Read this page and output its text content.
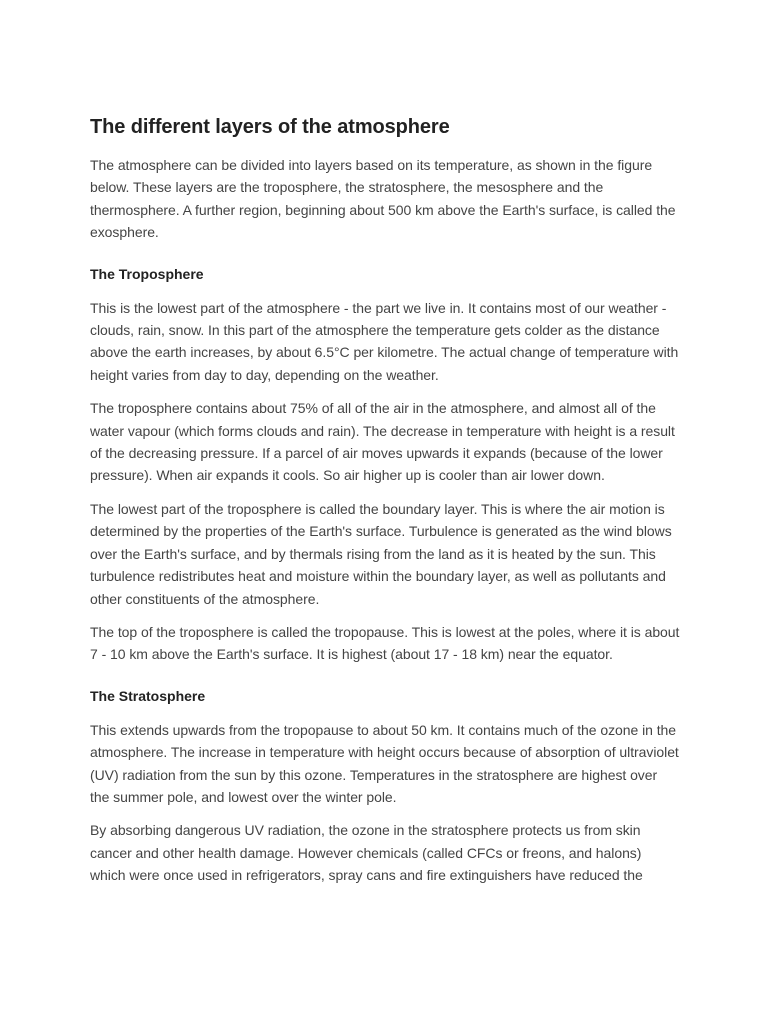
The different layers of the atmosphere

The atmosphere can be divided into layers based on its temperature, as shown in the figure below. These layers are the troposphere, the stratosphere, the mesosphere and the thermosphere. A further region, beginning about 500 km above the Earth's surface, is called the exosphere.

The Troposphere

This is the lowest part of the atmosphere - the part we live in. It contains most of our weather - clouds, rain, snow. In this part of the atmosphere the temperature gets colder as the distance above the earth increases, by about 6.5°C per kilometre. The actual change of temperature with height varies from day to day, depending on the weather.

The troposphere contains about 75% of all of the air in the atmosphere, and almost all of the water vapour (which forms clouds and rain). The decrease in temperature with height is a result of the decreasing pressure. If a parcel of air moves upwards it expands (because of the lower pressure). When air expands it cools. So air higher up is cooler than air lower down.

The lowest part of the troposphere is called the boundary layer. This is where the air motion is determined by the properties of the Earth's surface. Turbulence is generated as the wind blows over the Earth's surface, and by thermals rising from the land as it is heated by the sun. This turbulence redistributes heat and moisture within the boundary layer, as well as pollutants and other constituents of the atmosphere.

The top of the troposphere is called the tropopause. This is lowest at the poles, where it is about 7 - 10 km above the Earth's surface. It is highest (about 17 - 18 km) near the equator.

The Stratosphere

This extends upwards from the tropopause to about 50 km. It contains much of the ozone in the atmosphere. The increase in temperature with height occurs because of absorption of ultraviolet (UV) radiation from the sun by this ozone. Temperatures in the stratosphere are highest over the summer pole, and lowest over the winter pole.

By absorbing dangerous UV radiation, the ozone in the stratosphere protects us from skin cancer and other health damage. However chemicals (called CFCs or freons, and halons) which were once used in refrigerators, spray cans and fire extinguishers have reduced the
